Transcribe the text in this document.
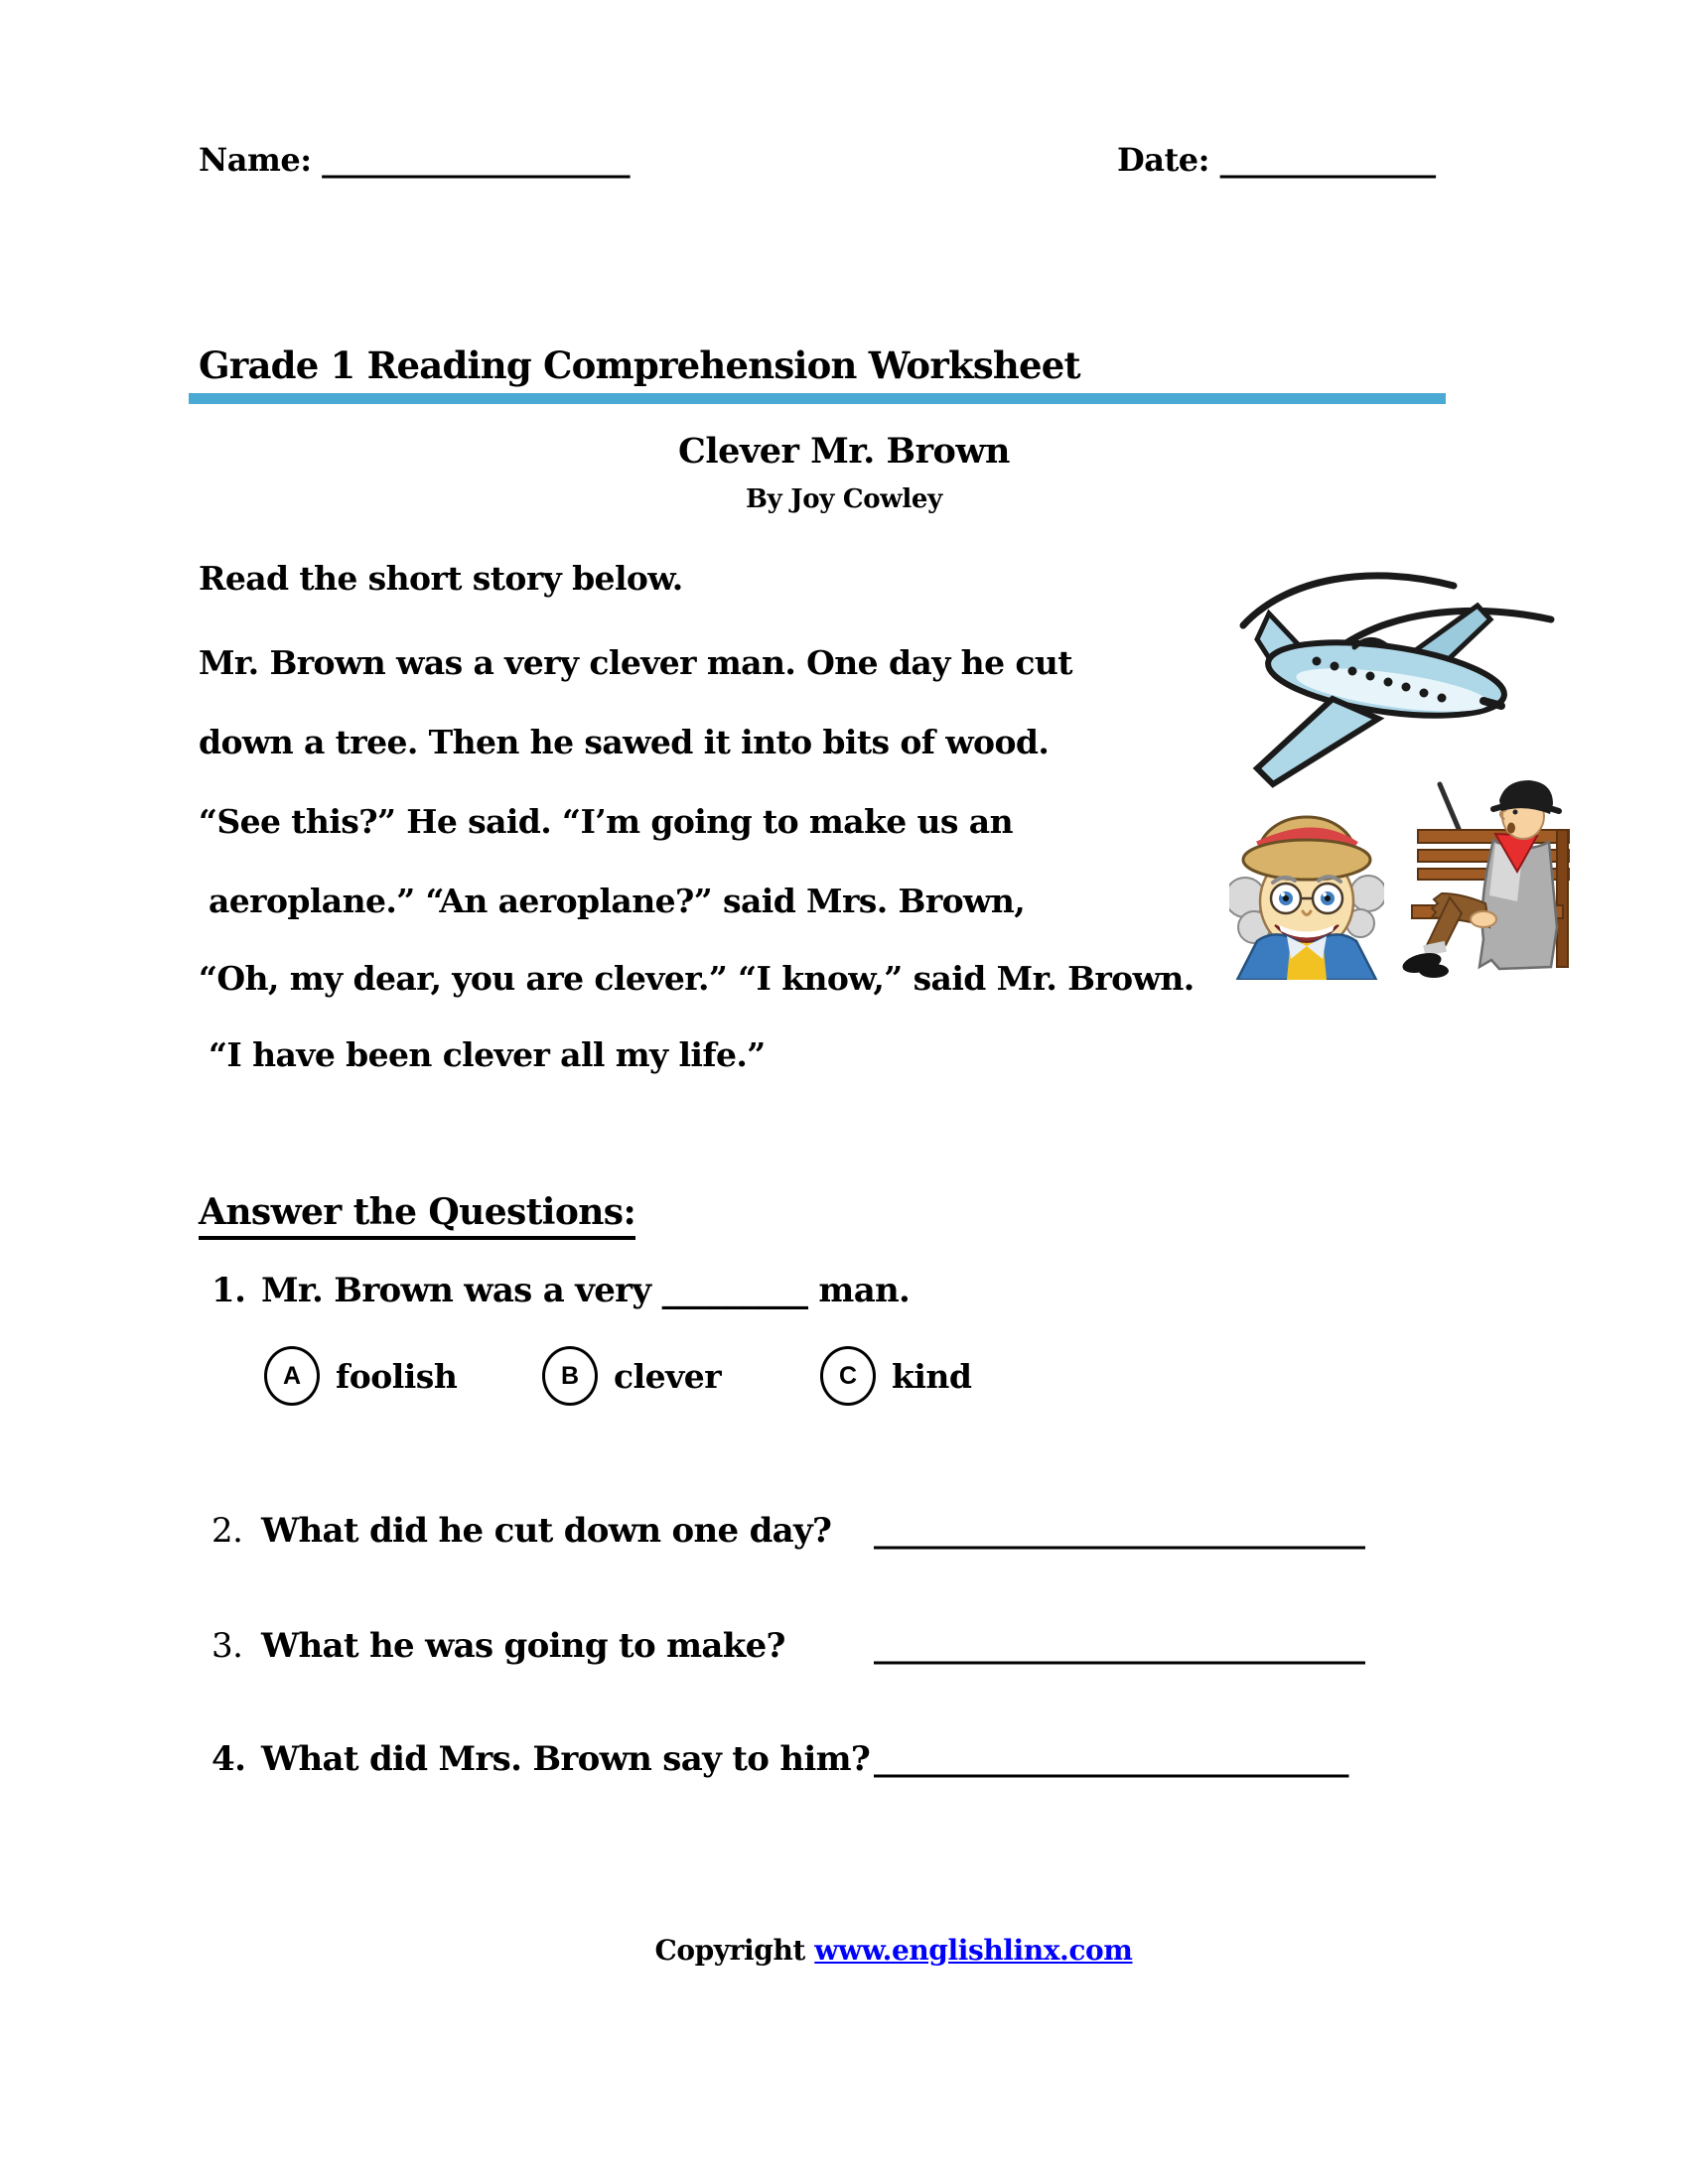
Name: ____________________	Date: ______________
Grade 1 Reading Comprehension Worksheet
Clever Mr. Brown
By Joy Cowley
Read the short story below.
Mr. Brown was a very clever man. One day he cut
down a tree. Then he sawed it into bits of wood.
“See this?” He said. “I’m going to make us an
aeroplane.” “An aeroplane?” said Mrs. Brown,
“Oh, my dear, you are clever.” “I know,” said Mr. Brown.
“I have been clever all my life.”
Answer the Questions:
1. Mr. Brown was a very _________ man.
A	foolish	B	clever	C	kind
2. What did he cut down one day? ______________________________
3. What he was going to make?	______________________________
4. What did Mrs. Brown say to him? _____________________________
Copyright www.englishlinx.com
